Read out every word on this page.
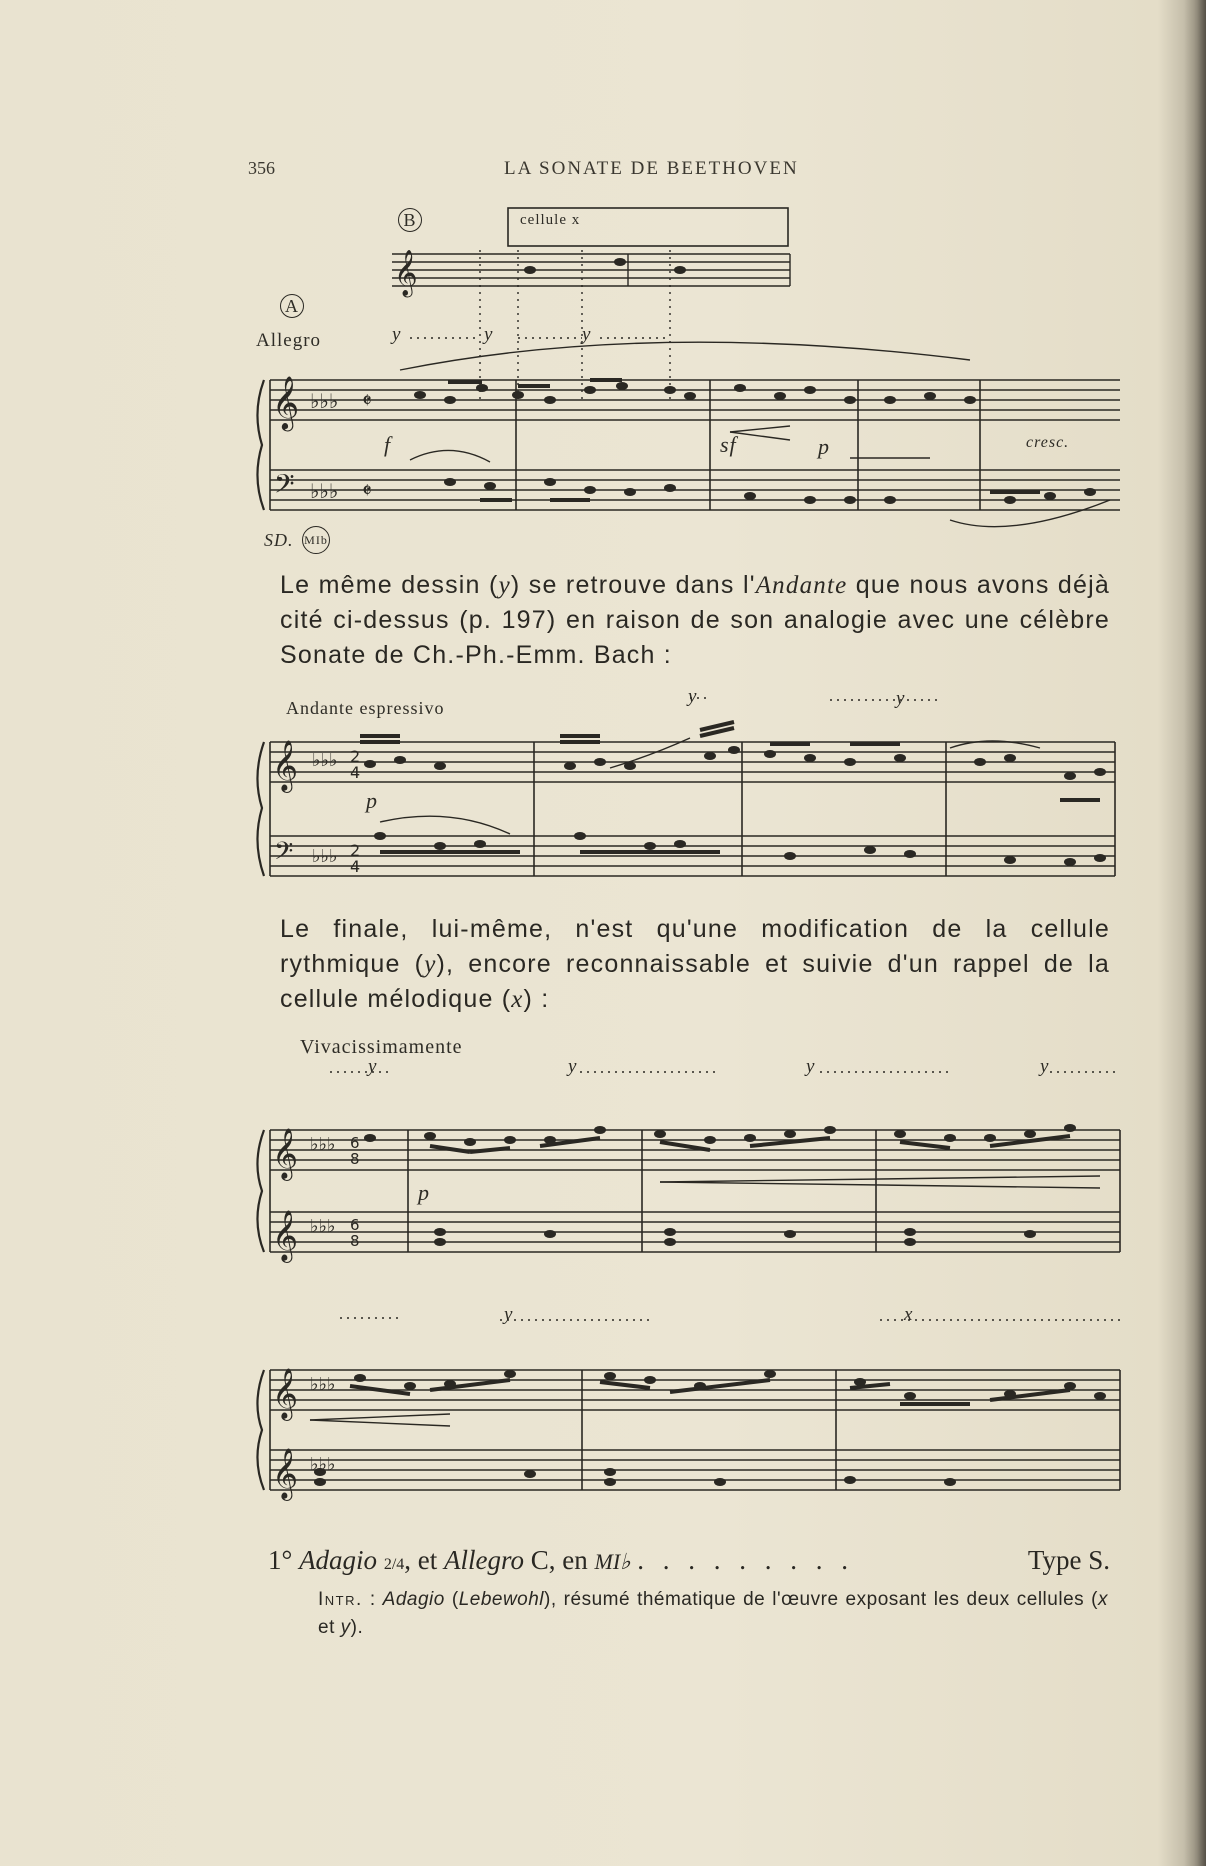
356	LA SONATE DE BEETHOVEN
𝄞
𝄢
𝄞
♭♭♭
♭♭♭
𝄵
𝄵
B	cellule x
A
Allegro	y	y	y
f	sf	p	cresc.
SD. MIb
Le même dessin (y) se retrouve dans l'Andante que nous avons déjà cité ci-dessus (p. 197) en raison de son analogie avec une célèbre Sonate de Ch.-Ph.-Emm. Bach :
𝄞
𝄢
♭♭♭
♭♭♭
2
4
2
4
Andante espressivo
y	y
p
Le finale, lui-même, n'est qu'une modification de la cellule rythmique (y), encore reconnaissable et suivie d'un rappel de la cellule mélodique (x) :
𝄞
𝄞
𝄞
𝄞
♭♭♭
♭♭♭
♭♭♭
♭♭♭
6
8
6
8
Vivacissimamente
y	y	y	y
p
y	x
1° Adagio 2/4, et Allegro C, en MI♭ . . . . . . . . .	Type S.
Intr. : Adagio (Lebewohl), résumé thématique de l'œuvre exposant les deux cellules (x et y).
